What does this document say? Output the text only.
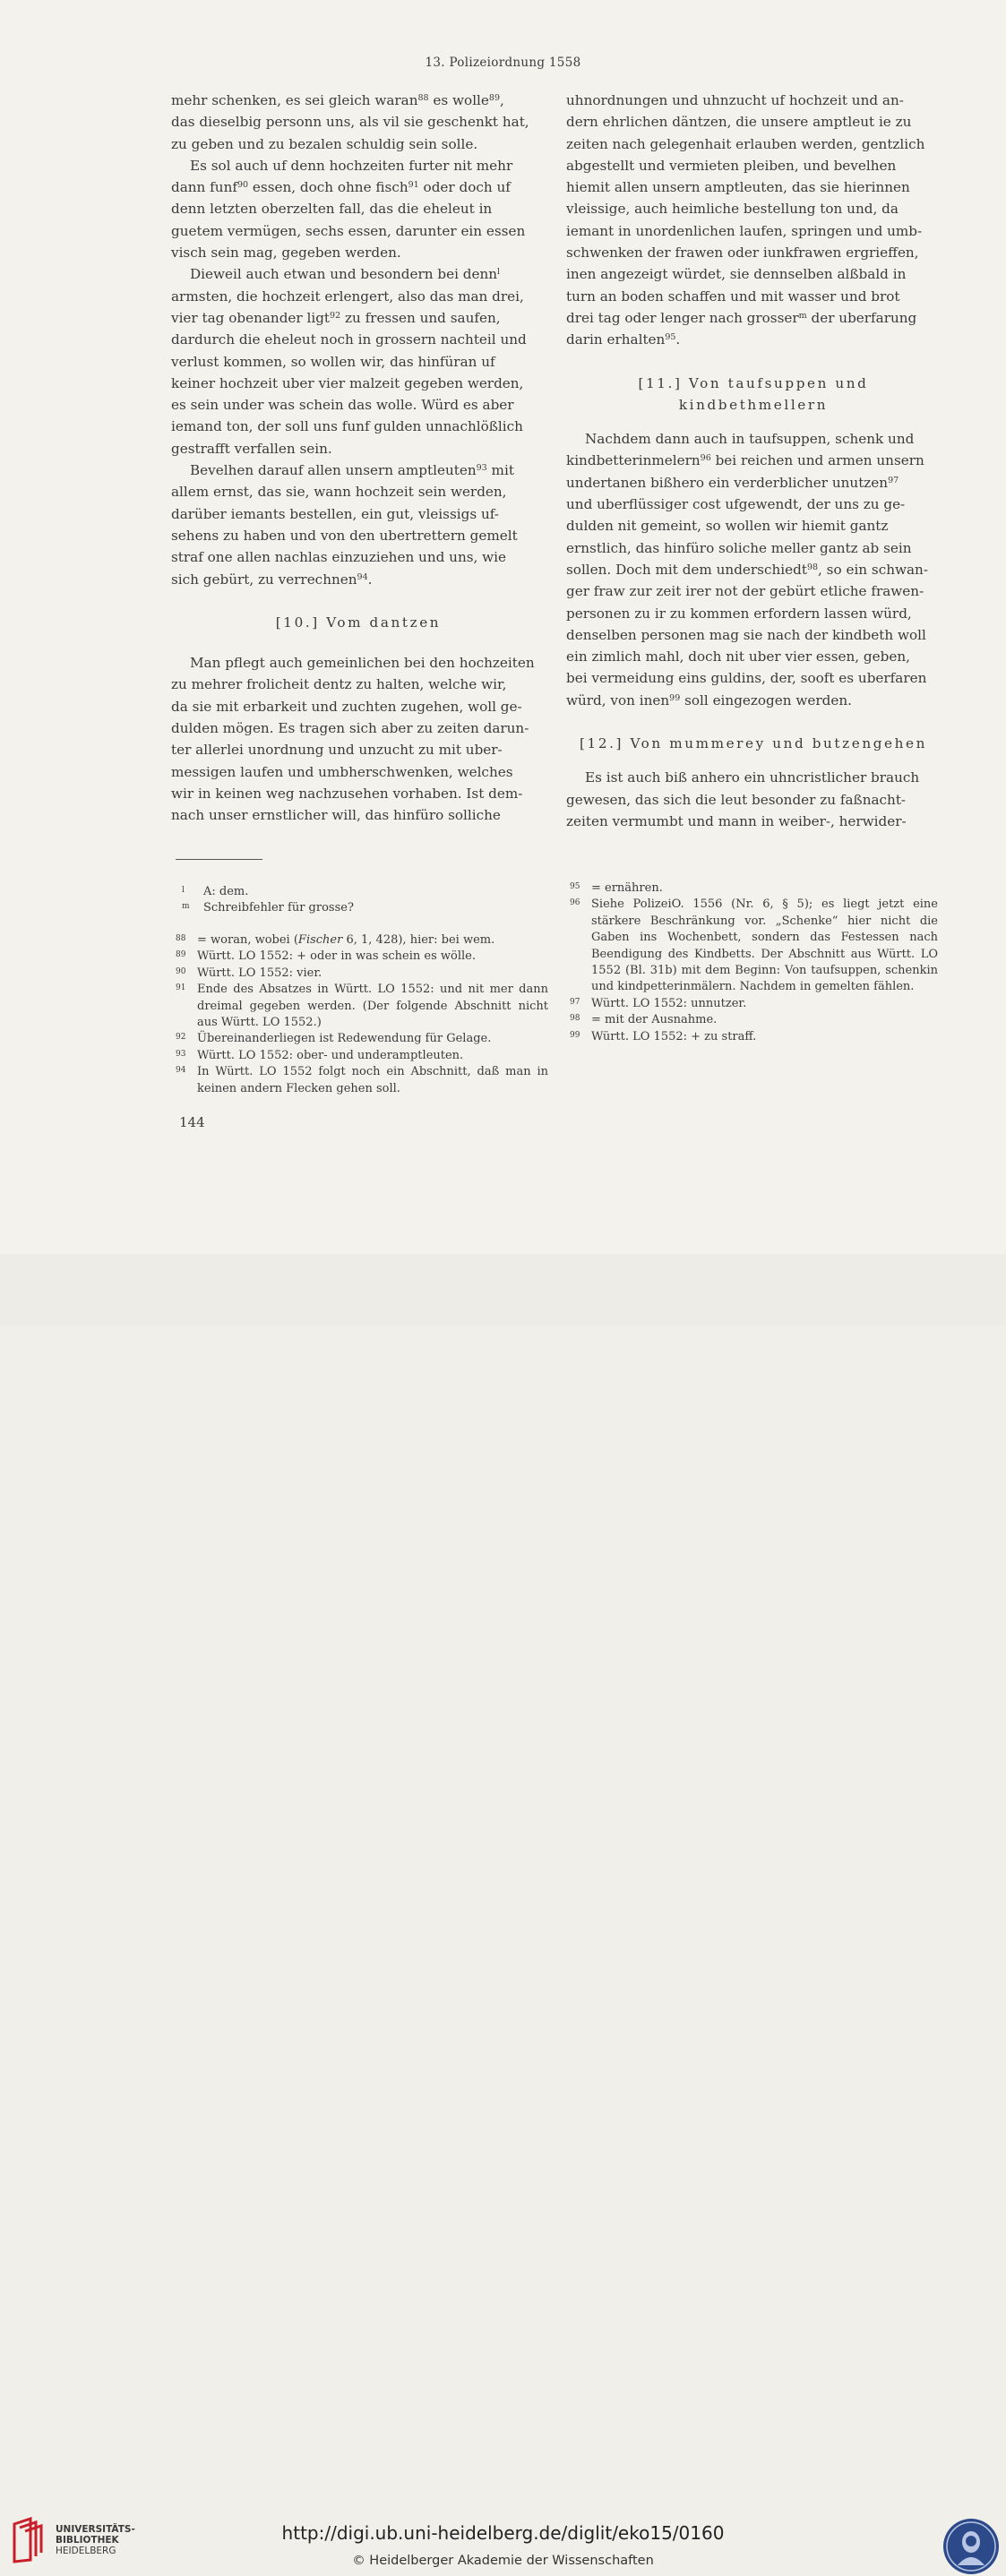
13. Polizeiordnung 1558

mehr schenken, es sei gleich waran$^{88}$ es wolle$^{89}$,
das dieselbig personn uns, als vil sie geschenkt hat,
zu geben und zu bezalen schuldig sein solle.

Es sol auch uf denn hochzeiten furter nit mehr
dann funf$^{90}$ essen, doch ohne fisch$^{91}$ oder doch uf
denn letzten oberzelten fall, das die eheleut in
guetem vermügen, sechs essen, darunter ein essen
visch sein mag, gegeben werden.

Dieweil auch etwan und besondern bei denn$^l$
armsten, die hochzeit erlengert, also das man drei,
vier tag obenander ligt$^{92}$ zu fressen und saufen,
dardurch die eheleut noch in grossern nachteil und
verlust kommen, so wollen wir, das hinfüran uf
keiner hochzeit uber vier malzeit gegeben werden,
es sein under was schein das wolle. Würd es aber
iemand ton, der soll uns funf gulden unnachlößlich
gestrafft verfallen sein.

Bevelhen darauf allen unsern amptleuten$^{93}$ mit
allem ernst, das sie, wann hochzeit sein werden,
darüber iemants bestellen, ein gut, vleissigs uf-
sehens zu haben und von den ubertrettern gemelt
straf one allen nachlas einzuziehen und uns, wie
sich gebürt, zu verrechnen$^{94}$.

[10.] Vom dantzen

Man pflegt auch gemeinlichen bei den hochzeiten
zu mehrer frolicheit dentz zu halten, welche wir,
da sie mit erbarkeit und zuchten zugehen, woll ge-
dulden mögen. Es tragen sich aber zu zeiten darun-
ter allerlei unordnung und unzucht zu mit uber-
messigen laufen und umbherschwenken, welches
wir in keinen weg nachzusehen vorhaben. Ist dem-
nach unser ernstlicher will, das hinfüro solliche

uhnordnungen und uhnzucht uf hochzeit und an-
dern ehrlichen däntzen, die unsere amptleut ie zu
zeiten nach gelegenhait erlauben werden, gentzlich
abgestellt und vermieten pleiben, und bevelhen
hiemit allen unsern amptleuten, das sie hierinnen
vleissige, auch heimliche bestellung ton und, da
iemant in unordenlichen laufen, springen und umb-
schwenken der frawen oder iunkfrawen ergrieffen,
inen angezeigt würdet, sie dennselben alßbald in
turn an boden schaffen und mit wasser und brot
drei tag oder lenger nach grosser$^m$ der uberfarung
darin erhalten$^{95}$.

[11.] Von taufsuppen und kindbethmellern

Nachdem dann auch in taufsuppen, schenk und
kindbetterinmelern$^{96}$ bei reichen und armen unsern
undertanen bißhero ein verderblicher unutzen$^{97}$
und uberflüssiger cost ufgewendt, der uns zu ge-
dulden nit gemeint, so wollen wir hiemit gantz
ernstlich, das hinfüro soliche meller gantz ab sein
sollen. Doch mit dem underschiedt$^{98}$, so ein schwan-
ger fraw zur zeit irer not der gebürt etliche frawen-
personen zu ir zu kommen erfordern lassen würd,
denselben personen mag sie nach der kindbeth woll
ein zimlich mahl, doch nit uber vier essen, geben,
bei vermeidung eins guldins, der, sooft es uberfaren
würd, von inen$^{99}$ soll eingezogen werden.

[12.] Von mummerey und butzengehen

Es ist auch biß anhero ein uhncristlicher brauch
gewesen, das sich die leut besonder zu faßnacht-
zeiten vermumbt und mann in weiber-, herwider-

l A: dem.

m Schreibfehler für grosse?

88 = woran, wobei (Fischer 6, 1, 428), hier: bei wem.

89 Württ. LO 1552: + oder in was schein es wölle.

90 Württ. LO 1552: vier.

91 Ende des Absatzes in Württ. LO 1552: und nit mer dann dreimal gegeben werden. (Der folgende Abschnitt nicht aus Württ. LO 1552.)

92 Übereinanderliegen ist Redewendung für Gelage.

93 Württ. LO 1552: ober- und underamptleuten.

94 In Württ. LO 1552 folgt noch ein Abschnitt, daß man in keinen andern Flecken gehen soll.

95 = ernähren.

96 Siehe PolizeiO. 1556 (Nr. 6, § 5); es liegt jetzt eine stärkere Beschränkung vor. „Schenke“ hier nicht die Gaben ins Wochenbett, sondern das Festessen nach Beendigung des Kindbetts. Der Abschnitt aus Württ. LO 1552 (Bl. 31b) mit dem Beginn: Von taufsuppen, schenkin und kindpetterinmälern. Nachdem in gemelten fählen.

97 Württ. LO 1552: unnutzer.

98 = mit der Ausnahme.

99 Württ. LO 1552: + zu straff.

144
UNIVERSITÄTS-
BIBLIOTHEK
HEIDELBERG
http://digi.ub.uni-heidelberg.de/diglit/eko15/0160
© Heidelberger Akademie der Wissenschaften
